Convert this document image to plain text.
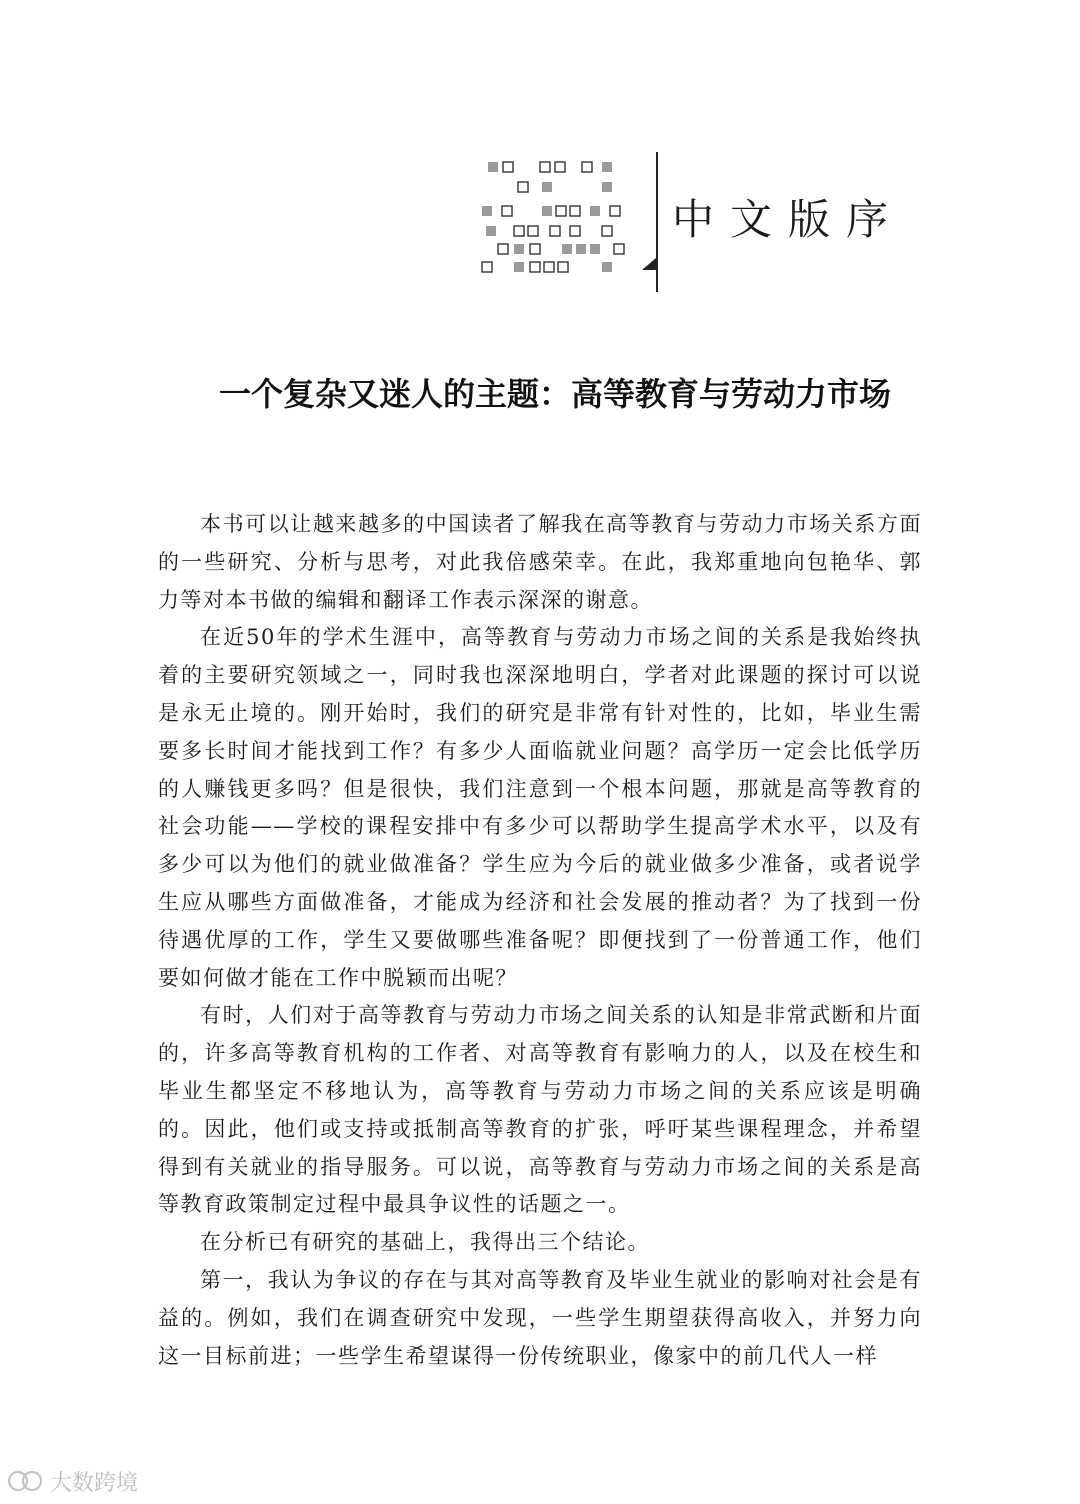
中文版序
一个复杂又迷人的主题：高等教育与劳动力市场

本书可以让越来越多的中国读者了解我在高等教育与劳动力市场关系方面的一些研究、分析与思考，对此我倍感荣幸。在此，我郑重地向包艳华、郭力等对本书做的编辑和翻译工作表示深深的谢意。

在近50年的学术生涯中，高等教育与劳动力市场之间的关系是我始终执着的主要研究领域之一，同时我也深深地明白，学者对此课题的探讨可以说是永无止境的。刚开始时，我们的研究是非常有针对性的，比如，毕业生需要多长时间才能找到工作？有多少人面临就业问题？高学历一定会比低学历的人赚钱更多吗？但是很快，我们注意到一个根本问题，那就是高等教育的社会功能——学校的课程安排中有多少可以帮助学生提高学术水平，以及有多少可以为他们的就业做准备？学生应为今后的就业做多少准备，或者说学生应从哪些方面做准备，才能成为经济和社会发展的推动者？为了找到一份待遇优厚的工作，学生又要做哪些准备呢？即便找到了一份普通工作，他们要如何做才能在工作中脱颖而出呢？

有时，人们对于高等教育与劳动力市场之间关系的认知是非常武断和片面的，许多高等教育机构的工作者、对高等教育有影响力的人，以及在校生和毕业生都坚定不移地认为，高等教育与劳动力市场之间的关系应该是明确的。因此，他们或支持或抵制高等教育的扩张，呼吁某些课程理念，并希望得到有关就业的指导服务。可以说，高等教育与劳动力市场之间的关系是高等教育政策制定过程中最具争议性的话题之一。

在分析已有研究的基础上，我得出三个结论。

第一，我认为争议的存在与其对高等教育及毕业生就业的影响对社会是有益的。例如，我们在调查研究中发现，一些学生期望获得高收入，并努力向这一目标前进；一些学生希望谋得一份传统职业，像家中的前几代人一样

大数跨境
